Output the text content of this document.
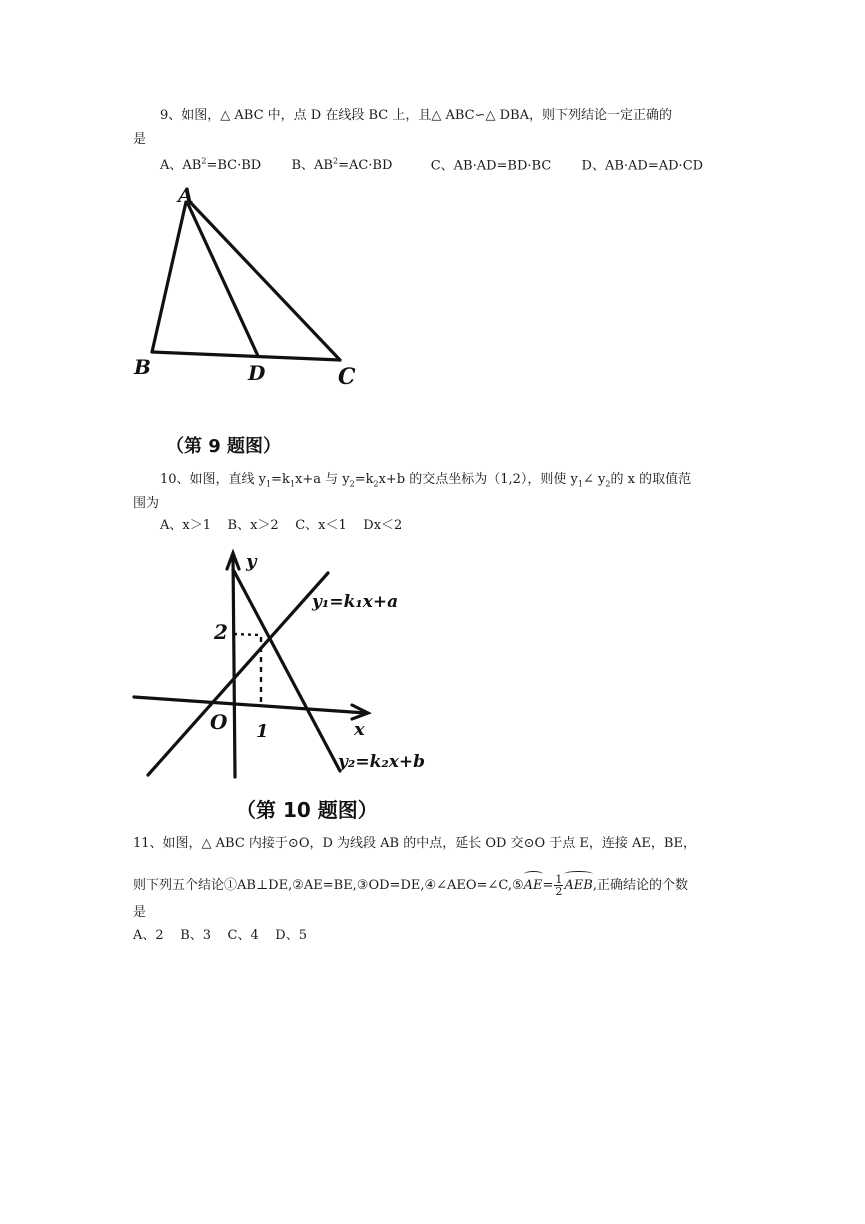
9、如图，△ ABC 中，点 D 在线段 BC 上，且△ ABC∽△ DBA，则下列结论一定正确的
是
A、$AB^2=BC\cdot BD$ B、$AB^2=AC\cdot BD$	C、AB·AD=BD·BC D、AB·AD=AD·CD
A
B	D	C
（第 9 题图）
10、如图，直线 $y_1=k_1x+a$ 与 $y_2=k_2x+b$ 的交点坐标为（1,2），则使 $y_1\angle$ $y_2$的 x 的取值范
围为
A、x＞1    B、x＞2    C、x＜1    Dx＜2
y
x
O 1
2
y₁=k₁x+a
y₂=k₂x+b
（第 10 题图）
11、如图，△ ABC 内接于⊙O，D 为线段 AB 的中点，延长 OD 交⊙O 于点 E，连接 AE，BE，
则下列五个结论①AB⊥DE,②AE=BE,③OD=DE,④∠AEO=∠C,⑤AE= $\frac{1}{2}$ AEB,正确结论的个数
是
A、2    B、3    C、4    D、5
